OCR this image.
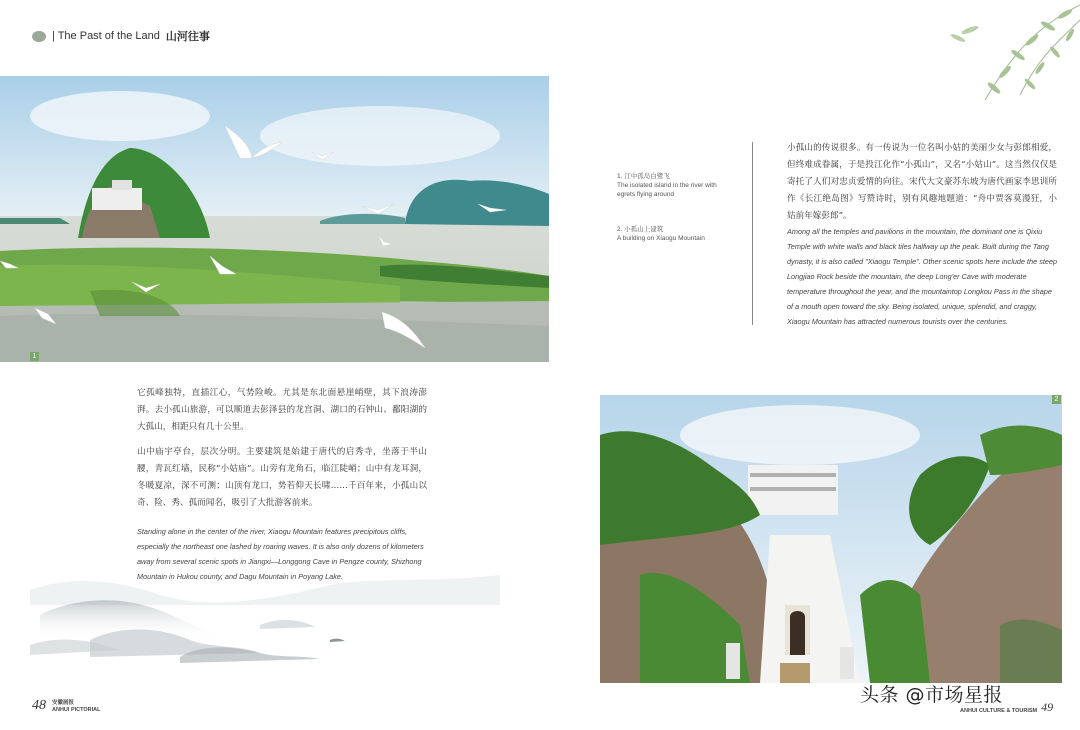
| The Past of the Land 山河往事
1
1. 江中孤岛白鹭飞
The isolated island in the river with egrets flying around
2. 小孤山上建筑
A building on Xiaogu Mountain
小孤山的传说很多。有一传说为一位名叫小姑的美丽少女与彭郎相爱，但终难成眷属，于是投江化作“小孤山”，又名“小姑山”。这当然仅仅是寄托了人们对忠贞爱情的向往。宋代大文豪苏东坡为唐代画家李思训所作《长江绝岛图》写赞诗时，别有风趣地题道：“舟中贾客莫漫狂，小姑前年嫁彭郎”。
Among all the temples and pavilions in the mountain, the dominant one is Qixiu Temple with white walls and black tiles halfway up the peak. Built during the Tang dynasty, it is also called "Xiaogu Temple". Other scenic spots here include the steep Longjiao Rock beside the mountain, the deep Long'er Cave with moderate temperature throughout the year, and the mountaintop Longkou Pass in the shape of a mouth open toward the sky. Being isolated, unique, splendid, and craggy, Xiaogu Mountain has attracted numerous tourists over the centuries.
它孤峰独特，直插江心，气势险峻。尤其是东北面悬崖峭壁，其下浪涛澎湃。去小孤山旅游，可以顺道去彭泽县的龙宫洞、湖口的石钟山、鄱阳湖的大孤山，相距只有几十公里。
山中庙宇亭台，层次分明。主要建筑是始建于唐代的启秀寺，坐落于半山腰，青瓦红墙，民称“小姑庙”。山旁有龙角石，临江陡峭；山中有龙耳洞，冬暖夏凉，深不可测；山顶有龙口，势若仰天长啸……千百年来，小孤山以奇、险、秀、孤而闻名，吸引了大批游客前来。
Standing alone in the center of the river, Xiaogu Mountain features precipitous cliffs, especially the northeast one lashed by roaring waves. It is also only dozens of kilometers away from several scenic spots in Jiangxi—Longgong Cave in Pengze county, Shizhong Mountain in Hukou county, and Dagu Mountain in Poyang Lake.
2
48 安徽画报
ANHUI PICTORIAL	ANHUI CULTURE & TOURISM 49
头条 @市场星报
